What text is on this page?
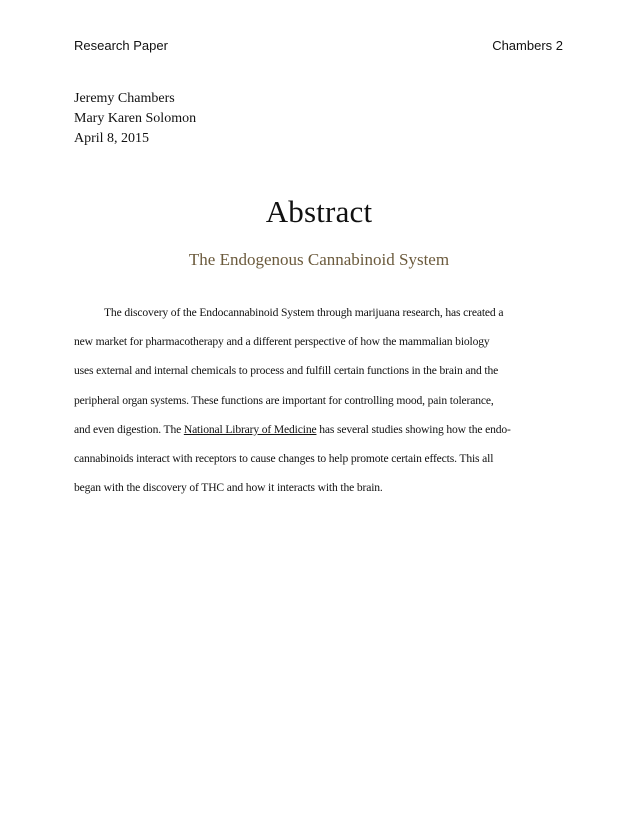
Research Paper	Chambers 2
Jeremy Chambers
Mary Karen Solomon
April 8, 2015
Abstract
The Endogenous Cannabinoid System
The discovery of the Endocannabinoid System through marijuana research, has created a
new market for pharmacotherapy and a different perspective of how the mammalian biology
uses external and internal chemicals to process and fulfill certain functions in the brain and the
peripheral organ systems. These functions are important for controlling mood, pain tolerance,
and even digestion. The National Library of Medicine has several studies showing how the endo-
cannabinoids interact with receptors to cause changes to help promote certain effects. This all
began with the discovery of THC and how it interacts with the brain.
